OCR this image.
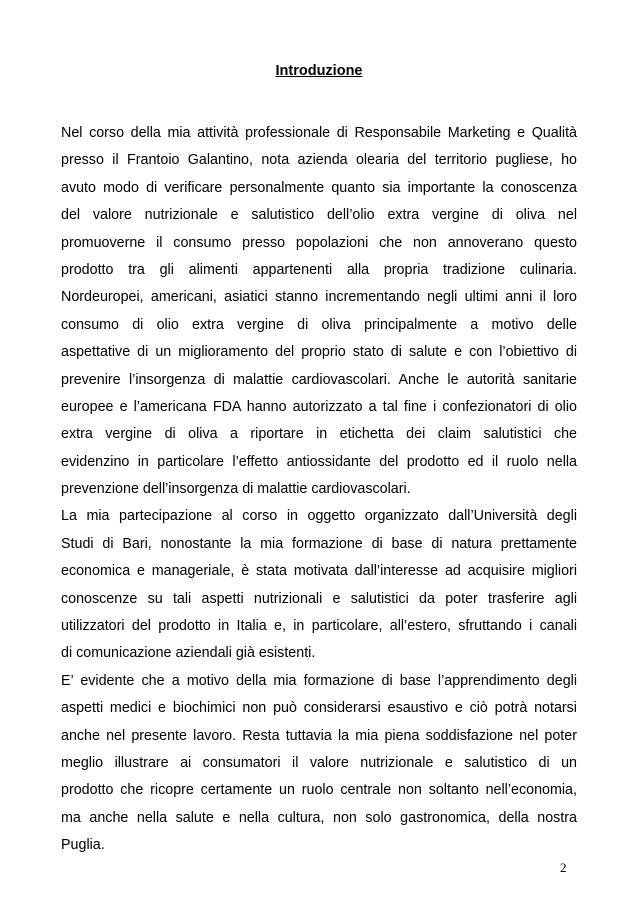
Introduzione
Nel corso della mia attività professionale di Responsabile Marketing e Qualità
presso il Frantoio Galantino, nota azienda olearia del territorio pugliese, ho
avuto modo di verificare personalmente quanto sia importante la conoscenza
del valore nutrizionale e salutistico dell’olio extra vergine di oliva nel
promuoverne il consumo presso popolazioni che non annoverano questo
prodotto tra gli alimenti appartenenti alla propria tradizione culinaria.
Nordeuropei, americani, asiatici stanno incrementando negli ultimi anni il loro
consumo di olio extra vergine di oliva principalmente a motivo delle
aspettative di un miglioramento del proprio stato di salute e con l’obiettivo di
prevenire l’insorgenza di malattie cardiovascolari. Anche le autorità sanitarie
europee e l’americana FDA hanno autorizzato a tal fine i confezionatori di olio
extra vergine di oliva a riportare in etichetta dei claim salutistici che
evidenzino in particolare l’effetto antiossidante del prodotto ed il ruolo nella
prevenzione dell’insorgenza di malattie cardiovascolari.
La mia partecipazione al corso in oggetto organizzato dall’Università degli
Studi di Bari, nonostante la mia formazione di base di natura prettamente
economica e manageriale, è stata motivata dall’interesse ad acquisire migliori
conoscenze su tali aspetti nutrizionali e salutistici da poter trasferire agli
utilizzatori del prodotto in Italia e, in particolare, all’estero, sfruttando i canali
di comunicazione aziendali già esistenti.
E’ evidente che a motivo della mia formazione di base l’apprendimento degli
aspetti medici e biochimici non può considerarsi esaustivo e ciò potrà notarsi
anche nel presente lavoro. Resta tuttavia la mia piena soddisfazione nel poter
meglio illustrare ai consumatori il valore nutrizionale e salutistico di un
prodotto che ricopre certamente un ruolo centrale non soltanto nell’economia,
ma anche nella salute e nella cultura, non solo gastronomica, della nostra
Puglia.
2
